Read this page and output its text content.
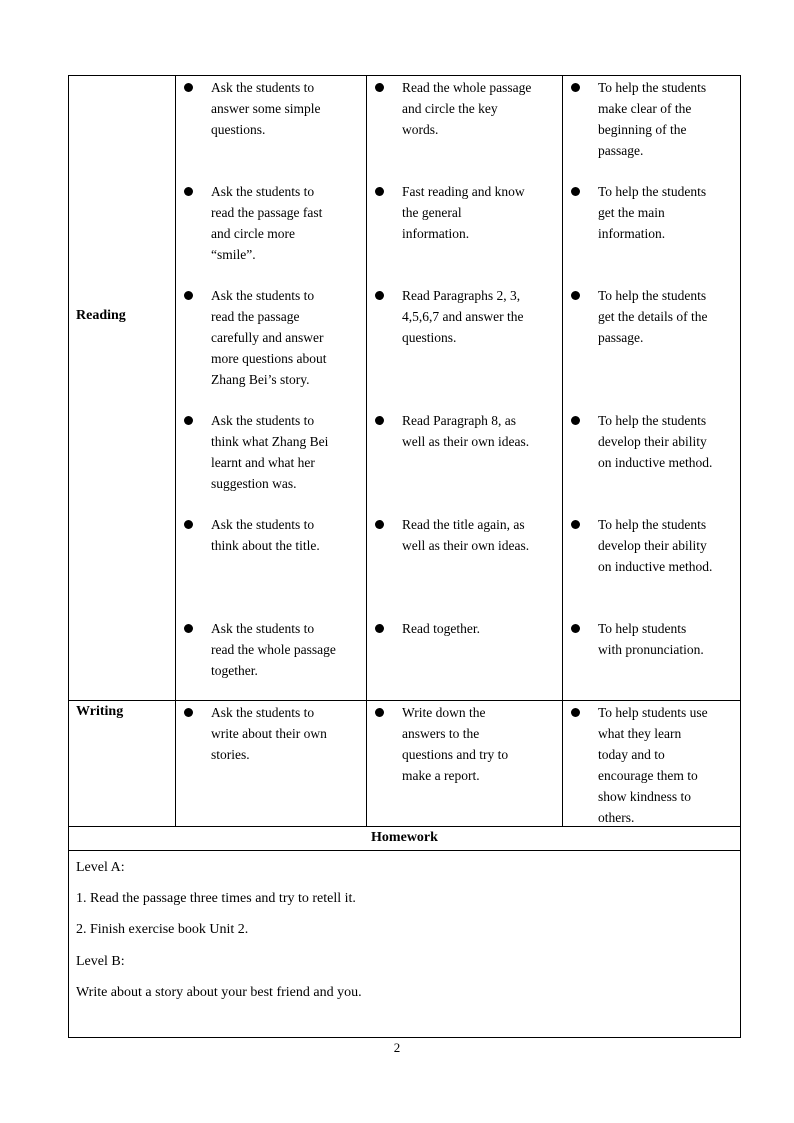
Reading
Writing
Ask the students to
answer some simple
questions.
Read the whole passage
and circle the key
words.
To help the students
make clear of the
beginning of the
passage.
Ask the students to
read the passage fast
and circle more
“smile”.
Fast reading and know
the general
information.
To help the students
get the main
information.
Ask the students to
read the passage
carefully and answer
more questions about
Zhang Bei’s story.
Read Paragraphs 2, 3,
4,5,6,7 and answer the
questions.
To help the students
get the details of the
passage.
Ask the students to
think what Zhang Bei
learnt and what her
suggestion was.
Read Paragraph 8, as
well as their own ideas.
To help the students
develop their ability
on inductive method.
Ask the students to
think about the title.
Read the title again, as
well as their own ideas.
To help the students
develop their ability
on inductive method.
Ask the students to
read the whole passage
together.
Read together.	To help students
with pronunciation.
Ask the students to
write about their own
stories.
Write down the
answers to the
questions and try to
make a report.
To help students use
what they learn
today and to
encourage them to
show kindness to
others.
Homework
Level A:
1. Read the passage three times and try to retell it.
2. Finish exercise book Unit 2.
Level B:
Write about a story about your best friend and you.
2
